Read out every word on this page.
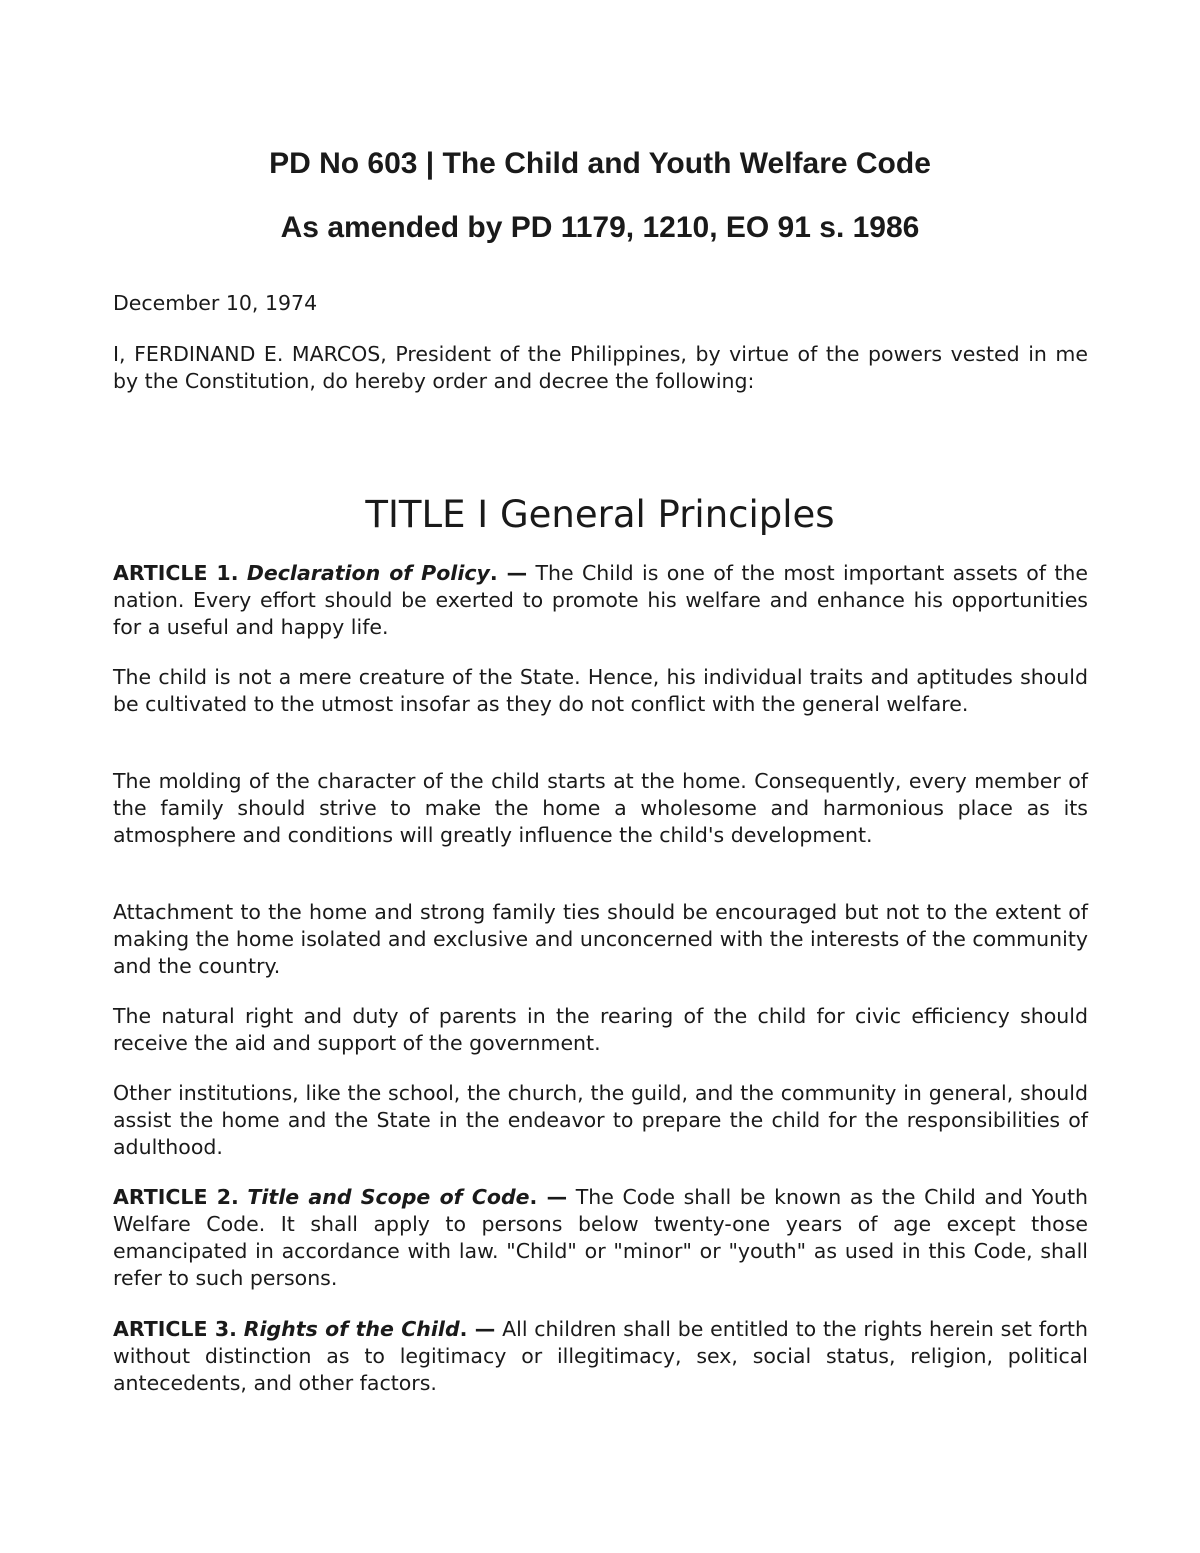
PD No 603 | The Child and Youth Welfare Code
As amended by PD 1179, 1210, EO 91 s. 1986

December 10, 1974

I, FERDINAND E. MARCOS, President of the Philippines, by virtue of the powers vested in me by the Constitution, do hereby order and decree the following:

TITLE I General Principles

ARTICLE 1. Declaration of Policy. — The Child is one of the most important assets of the nation. Every effort should be exerted to promote his welfare and enhance his opportunities for a useful and happy life.

The child is not a mere creature of the State. Hence, his individual traits and aptitudes should be cultivated to the utmost insofar as they do not conflict with the general welfare.

The molding of the character of the child starts at the home. Consequently, every member of the family should strive to make the home a wholesome and harmonious place as its atmosphere and conditions will greatly influence the child's development.

Attachment to the home and strong family ties should be encouraged but not to the extent of making the home isolated and exclusive and unconcerned with the interests of the community and the country.

The natural right and duty of parents in the rearing of the child for civic efficiency should receive the aid and support of the government.

Other institutions, like the school, the church, the guild, and the community in general, should assist the home and the State in the endeavor to prepare the child for the responsibilities of adulthood.

ARTICLE 2. Title and Scope of Code. — The Code shall be known as the Child and Youth Welfare Code. It shall apply to persons below twenty-one years of age except those emancipated in accordance with law. "Child" or "minor" or "youth" as used in this Code, shall refer to such persons.

ARTICLE 3. Rights of the Child. — All children shall be entitled to the rights herein set forth without distinction as to legitimacy or illegitimacy, sex, social status, religion, political antecedents, and other factors.
